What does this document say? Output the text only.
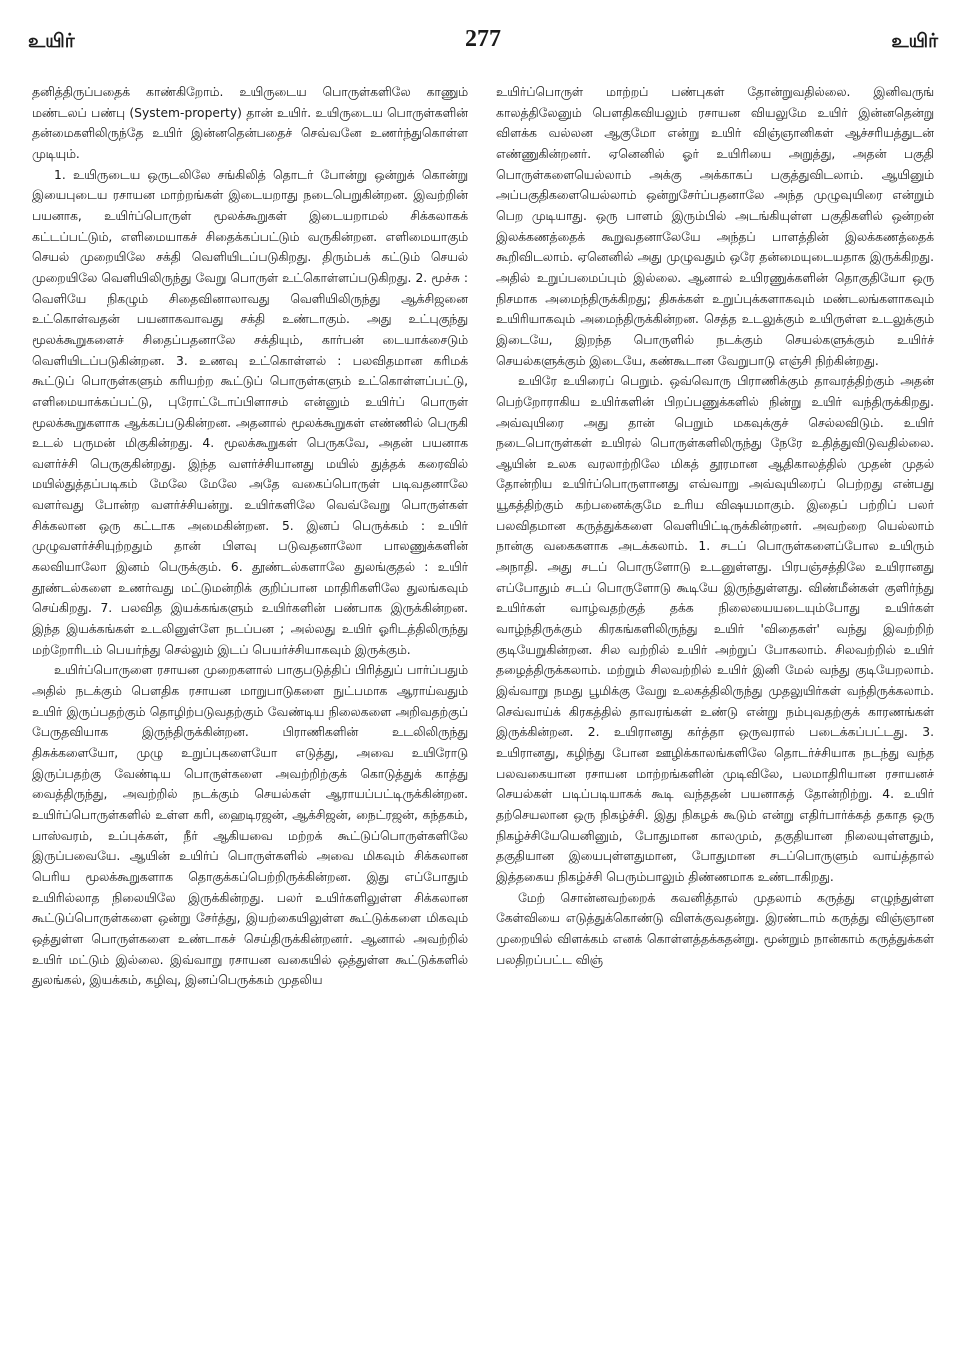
உயிர்	277	உயிர்

தனித்திருப்பதைக் காண்கிறோம். உயிருடைய பொருள்களிலே காணும் மண்டலப் பண்பு (System-property) தான் உயிர். உயிருடைய பொருள்களின் தன்மைகளிலிருந்தே உயிர் இன்னதென்பதைச் செவ்வனே உணர்ந்துகொள்ள முடியும்.

1. உயிருடைய ஒருடலிலே சங்கிலித் தொடர் போன்று ஒன்றுக் கொன்று இயைபுடைய ரசாயன மாற்றங்கள் இடையறாது நடைபெறுகின்றன. இவற்றின் பயனாக, உயிர்ப்பொருள் மூலக்கூறுகள் இடையறாமல் சிக்கலாகக் கட்டப்பட்டும், எளிமையாகச் சிதைக்கப்பட்டும் வருகின்றன. எளிமையாகும் செயல் முறையிலே சக்தி வெளியிடப்படுகிறது. திரும்பக் கட்டும் செயல் முறையிலே வெளியிலிருந்து வேறு பொருள் உட்கொள்ளப்படுகிறது. 2. மூச்சு : வெளியே நிகழும் சிதைவினாலாவது வெளியிலிருந்து ஆக்சிஜனை உட்கொள்வதன் பயனாகவாவது சக்தி உண்டாகும். அது உட்புகுந்து மூலக்கூறுகளைச் சிதைப்பதனாலே சக்தியும், கார்பன் டையாக்சைடும் வெளியிடப்படுகின்றன. 3. உணவு உட்கொள்ளல் : பலவிதமான கரிமக் கூட்டுப் பொருள்களும் கரியற்ற கூட்டுப் பொருள்களும் உட்கொள்ளப்பட்டு, எளிமையாக்கப்பட்டு, புரோட்டோப்பிளாசம் என்னும் உயிர்ப் பொருள் மூலக்கூறுகளாக ஆக்கப்படுகின்றன. அதனால் மூலக்கூறுகள் எண்ணில் பெருகி உடல் பருமன் மிகுகின்றது. 4. மூலக்கூறுகள் பெருகவே, அதன் பயனாக வளர்ச்சி பெருகுகின்றது. இந்த வளர்ச்சியானது மயில் துத்தக் கரைவில் மயில்துத்தப்படிகம் மேலே மேலே அதே வகைப்பொருள் படிவதனாலே வளர்வது போன்ற வளர்ச்சியன்று. உயிர்களிலே வெவ்வேறு பொருள்கள் சிக்கலான ஒரு கட்டாக அமைகின்றன. 5. இனப் பெருக்கம் : உயிர் முழுவளர்ச்சியுற்றதும் தான் பிளவு படுவதனாலோ பாலணுக்களின் கலவியாலோ இனம் பெருக்கும். 6. தூண்டல்களாலே துலங்குதல் : உயிர் தூண்டல்களை உணர்வது மட்டுமன்றிக் குறிப்பான மாதிரிகளிலே துலங்கவும் செய்கிறது. 7. பலவித இயக்கங்களும் உயிர்களின் பண்பாக இருக்கின்றன. இந்த இயக்கங்கள் உடலினுள்ளே நடப்பன ; அல்லது உயிர் ஓரிடத்திலிருந்து மற்றோரிடம் பெயர்ந்து செல்லும் இடப் பெயர்ச்சியாகவும் இருக்கும்.

உயிர்ப்பொருளை ரசாயன முறைகளால் பாகுபடுத்திப் பிரித்துப் பார்ப்பதும் அதில் நடக்கும் பௌதிக ரசாயன மாறுபாடுகளை நுட்பமாக ஆராய்வதும் உயிர் இருப்பதற்கும் தொழிற்படுவதற்கும் வேண்டிய நிலைகளை அறிவதற்குப் பேருதவியாக இருந்திருக்கின்றன. பிராணிகளின் உடலிலிருந்து திசுக்களையோ, முழு உறுப்புகளையோ எடுத்து, அவை உயிரோடு இருப்பதற்கு வேண்டிய பொருள்களை அவற்றிற்குக் கொடுத்துக் காத்து வைத்திருந்து, அவற்றில் நடக்கும் செயல்கள் ஆராயப்பட்டிருக்கின்றன. உயிர்ப்பொருள்களில் உள்ள கரி, ஹைடிரஜன், ஆக்சிஜன், நைட்ரஜன், கந்தகம், பாஸ்வரம், உப்புக்கள், நீர் ஆகியவை மற்றக் கூட்டுப்பொருள்களிலே இருப்பவையே. ஆயின் உயிர்ப் பொருள்களில் அவை மிகவும் சிக்கலான பெரிய மூலக்கூறுகளாக தொகுக்கப்பெற்றிருக்கின்றன. இது எப்போதும் உயிரில்லாத நிலையிலே இருக்கின்றது. பலர் உயிர்களிலுள்ள சிக்கலான கூட்டுப்பொருள்களை ஒன்று சேர்த்து, இயற்கையிலுள்ள கூட்டுக்களை மிகவும் ஒத்துள்ள பொருள்களை உண்டாகச் செய்திருக்கின்றனர். ஆனால் அவற்றில் உயிர் மட்டும் இல்லை. இவ்வாறு ரசாயன வகையில் ஒத்துள்ள கூட்டுக்களில் துலங்கல், இயக்கம், கழிவு, இனப்பெருக்கம் முதலிய

உயிர்ப்பொருள் மாற்றப் பண்புகள் தோன்றுவதில்லை. இனிவருங் காலத்திலேனும் பௌதிகவியலும் ரசாயன வியலுமே உயிர் இன்னதென்று விளக்க வல்லன ஆகுமோ என்று உயிர் விஞ்ஞானிகள் ஆச்சரியத்துடன் எண்ணுகின்றனர். ஏனெனில் ஓர் உயிரியை அறுத்து, அதன் பகுதி பொருள்களையெல்லாம் அக்கு அக்காகப் பகுத்துவிடலாம். ஆயினும் அப்பகுதிகளையெல்லாம் ஒன்றுசேர்ப்பதனாலே அந்த முழுவுயிரை என்றும் பெற முடியாது. ஒரு பாளம் இரும்பில் அடங்கியுள்ள பகுதிகளில் ஒன்றன் இலக்கணத்தைக் கூறுவதனாலேயே அந்தப் பாளத்தின் இலக்கணத்தைக் கூறிவிடலாம். ஏனெனில் அது முழுவதும் ஒரே தன்மையுடையதாக இருக்கிறது. அதில் உறுப்பமைப்பும் இல்லை. ஆனால் உயிரணுக்களின் தொகுதியோ ஒரு நிசமாக அமைந்திருக்கிறது; திசுக்கள் உறுப்புக்களாகவும் மண்டலங்களாகவும் உயிரியாகவும் அமைந்திருக்கின்றன. செத்த உடலுக்கும் உயிருள்ள உடலுக்கும் இடையே, இறந்த பொருளில் நடக்கும் செயல்களுக்கும் உயிர்ச் செயல்களுக்கும் இடையே, கண்கூடான வேறுபாடு எஞ்சி நிற்கின்றது.

உயிரே உயிரைப் பெறும். ஒவ்வொரு பிராணிக்கும் தாவரத்திற்கும் அதன் பெற்றோராகிய உயிர்களின் பிறப்பணுக்களில் நின்று உயிர் வந்திருக்கிறது. அவ்வுயிரை அது தான் பெறும் மகவுக்குச் செல்லவிடும். உயிர் நடைபொருள்கள் உயிரல் பொருள்களிலிருந்து நேரே உதித்துவிடுவதில்லை. ஆயின் உலக வரலாற்றிலே மிகத் தூரமான ஆதிகாலத்தில் முதன் முதல் தோன்றிய உயிர்ப்பொருளானது எவ்வாறு அவ்வுயிரைப் பெற்றது என்பது யூகத்திற்கும் கற்பனைக்குமே உரிய விஷயமாகும். இதைப் பற்றிப் பலர் பலவிதமான கருத்துக்களை வெளியிட்டிருக்கின்றனர். அவற்றை யெல்லாம் நான்கு வகைகளாக அடக்கலாம். 1. சடப் பொருள்களைப்போல உயிரும் அநாதி. அது சடப் பொருளோடு உடனுள்ளது. பிரபஞ்சத்திலே உயிரானது எப்போதும் சடப் பொருளோடு கூடியே இருந்துள்ளது. விண்மீன்கள் குளிர்ந்து உயிர்கள் வாழ்வதற்குத் தக்க நிலையையடையும்போது உயிர்கள் வாழ்ந்திருக்கும் கிரகங்களிலிருந்து உயிர் 'விதைகள்' வந்து இவற்றிற் குடியேறுகின்றன. சில வற்றில் உயிர் அற்றுப் போகலாம். சிலவற்றில் உயிர் தழைத்திருக்கலாம். மற்றும் சிலவற்றில் உயிர் இனி மேல் வந்து குடியேறலாம். இவ்வாறு நமது பூமிக்கு வேறு உலகத்திலிருந்து முதலுயிர்கள் வந்திருக்கலாம். செவ்வாய்க் கிரகத்தில் தாவரங்கள் உண்டு என்று நம்புவதற்குக் காரணங்கள் இருக்கின்றன. 2. உயிரானது கர்த்தா ஒருவரால் படைக்கப்பட்டது. 3. உயிரானது, கழிந்து போன ஊழிக்காலங்களிலே தொடர்ச்சியாக நடந்து வந்த பலவகையான ரசாயன மாற்றங்களின் முடிவிலே, பலமாதிரியான ரசாயனச் செயல்கள் படிப்படியாகக் கூடி வந்ததன் பயனாகத் தோன்றிற்று. 4. உயிர் தற்செயலான ஒரு நிகழ்ச்சி. இது நிகழக் கூடும் என்று எதிர்பார்க்கத் தகாத ஒரு நிகழ்ச்சியேயெனினும், போதுமான காலமும், தகுதியான நிலையுள்ளதும், தகுதியான இயைபுள்ளதுமான, போதுமான சடப்பொருளும் வாய்த்தால் இத்தகைய நிகழ்ச்சி பெரும்பாலும் திண்ணமாக உண்டாகிறது.

மேற் சொன்னவற்றைக் கவனித்தால் முதலாம் கருத்து எழுந்துள்ள கேள்வியை எடுத்துக்கொண்டு விளக்குவதன்று. இரண்டாம் கருத்து விஞ்ஞான முறையில் விளக்கம் எனக் கொள்ளத்தக்கதன்று. மூன்றும் நான்காம் கருத்துக்கள் பலதிறப்பட்ட விஞ்
